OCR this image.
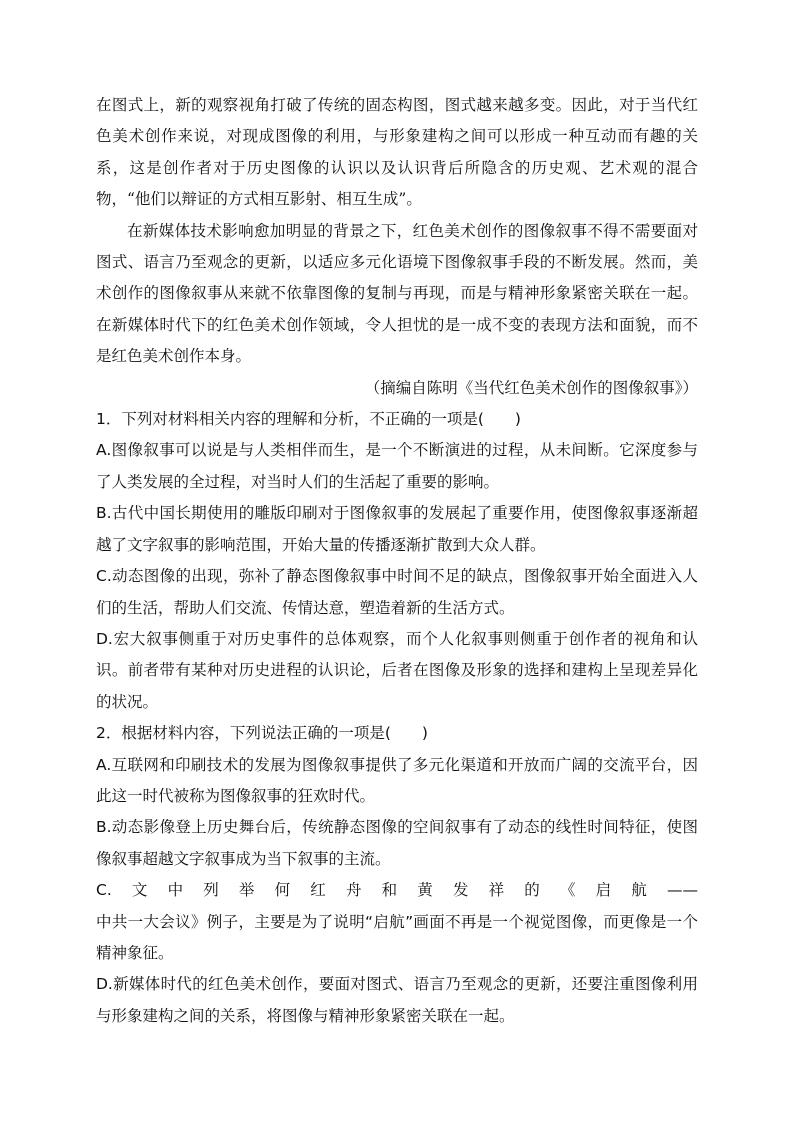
在图式上，新的观察视角打破了传统的固态构图，图式越来越多变。因此，对于当代红色美术创作来说，对现成图像的利用，与形象建构之间可以形成一种互动而有趣的关系，这是创作者对于历史图像的认识以及认识背后所隐含的历史观、艺术观的混合物，“他们以辩证的方式相互影射、相互生成”。

在新媒体技术影响愈加明显的背景之下，红色美术创作的图像叙事不得不需要面对图式、语言乃至观念的更新，以适应多元化语境下图像叙事手段的不断发展。然而，美术创作的图像叙事从来就不依靠图像的复制与再现，而是与精神形象紧密关联在一起。在新媒体时代下的红色美术创作领域，令人担忧的是一成不变的表现方法和面貌，而不是红色美术创作本身。

（摘编自陈明《当代红色美术创作的图像叙事》）

1．下列对材料相关内容的理解和分析，不正确的一项是(　　)

A.图像叙事可以说是与人类相伴而生，是一个不断演进的过程，从未间断。它深度参与了人类发展的全过程，对当时人们的生活起了重要的影响。

B.古代中国长期使用的雕版印刷对于图像叙事的发展起了重要作用，使图像叙事逐渐超越了文字叙事的影响范围，开始大量的传播逐渐扩散到大众人群。

C.动态图像的出现，弥补了静态图像叙事中时间不足的缺点，图像叙事开始全面进入人们的生活，帮助人们交流、传情达意，塑造着新的生活方式。

D.宏大叙事侧重于对历史事件的总体观察，而个人化叙事则侧重于创作者的视角和认识。前者带有某种对历史进程的认识论，后者在图像及形象的选择和建构上呈现差异化的状况。

2．根据材料内容，下列说法正确的一项是(　　)

A.互联网和印刷技术的发展为图像叙事提供了多元化渠道和开放而广阔的交流平台，因此这一时代被称为图像叙事的狂欢时代。

B.动态影像登上历史舞台后，传统静态图像的空间叙事有了动态的线性时间特征，使图像叙事超越文字叙事成为当下叙事的主流。

C. 文 中 列 举 何 红 舟 和 黄 发 祥 的 《 启 航 ——

中共一大会议》例子，主要是为了说明“启航”画面不再是一个视觉图像，而更像是一个精神象征。

D.新媒体时代的红色美术创作，要面对图式、语言乃至观念的更新，还要注重图像利用与形象建构之间的关系，将图像与精神形象紧密关联在一起。
